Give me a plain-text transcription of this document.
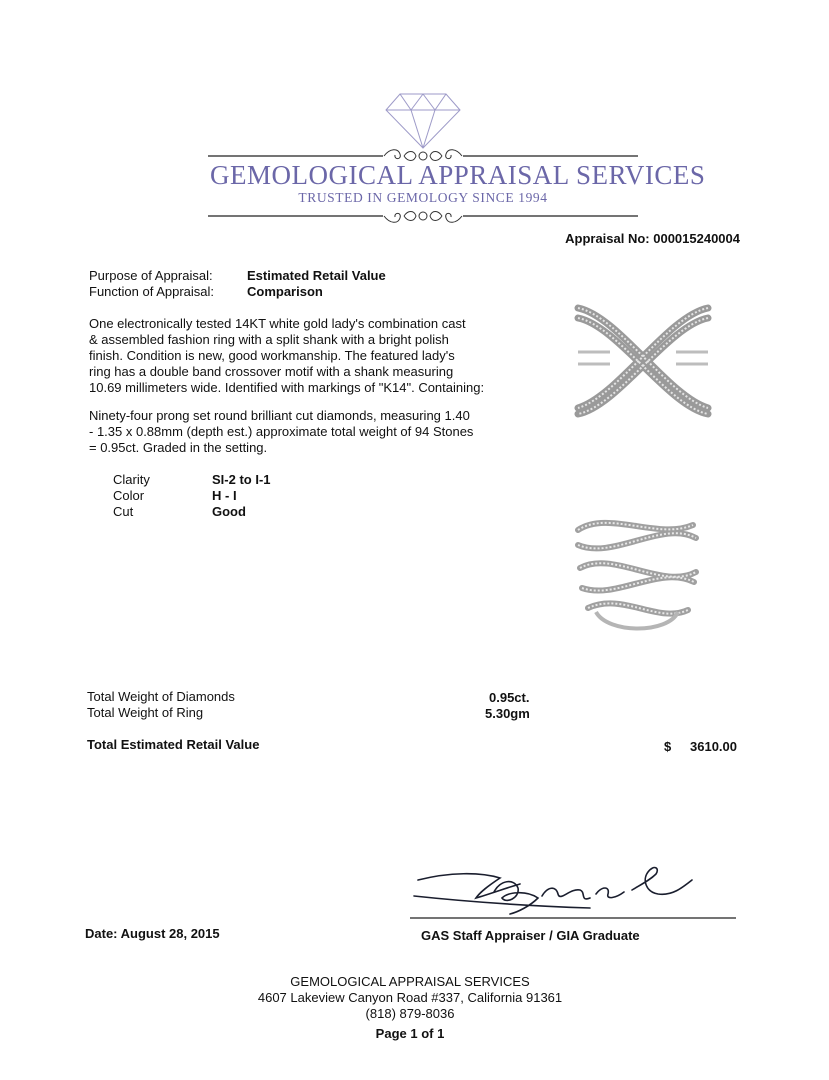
GEMOLOGICAL APPRAISAL SERVICES
TRUSTED IN GEMOLOGY SINCE 1994
Appraisal No: 000015240004
Purpose of Appraisal:	Estimated Retail Value
Function of Appraisal:	Comparison
One electronically tested 14KT white gold lady's combination cast
& assembled fashion ring with a split shank with a bright polish
finish. Condition is new, good workmanship. The featured lady's
ring has a double band crossover motif with a shank measuring
10.69 millimeters wide. Identified with markings of "K14". Containing:
Ninety-four prong set round brilliant cut diamonds, measuring 1.40
- 1.35 x 0.88mm (depth est.) approximate total weight of 94 Stones
= 0.95ct. Graded in the setting.
Clarity	SI-2 to I-1
Color	H - I
Cut	Good
Total Weight of Diamonds	0.95ct.
Total Weight of Ring	5.30gm
Total Estimated Retail Value	$ 3610.00
Date: August 28, 2015	GAS Staff Appraiser / GIA Graduate
GEMOLOGICAL APPRAISAL SERVICES
4607 Lakeview Canyon Road #337, California 91361
(818) 879-8036
Page 1 of 1
